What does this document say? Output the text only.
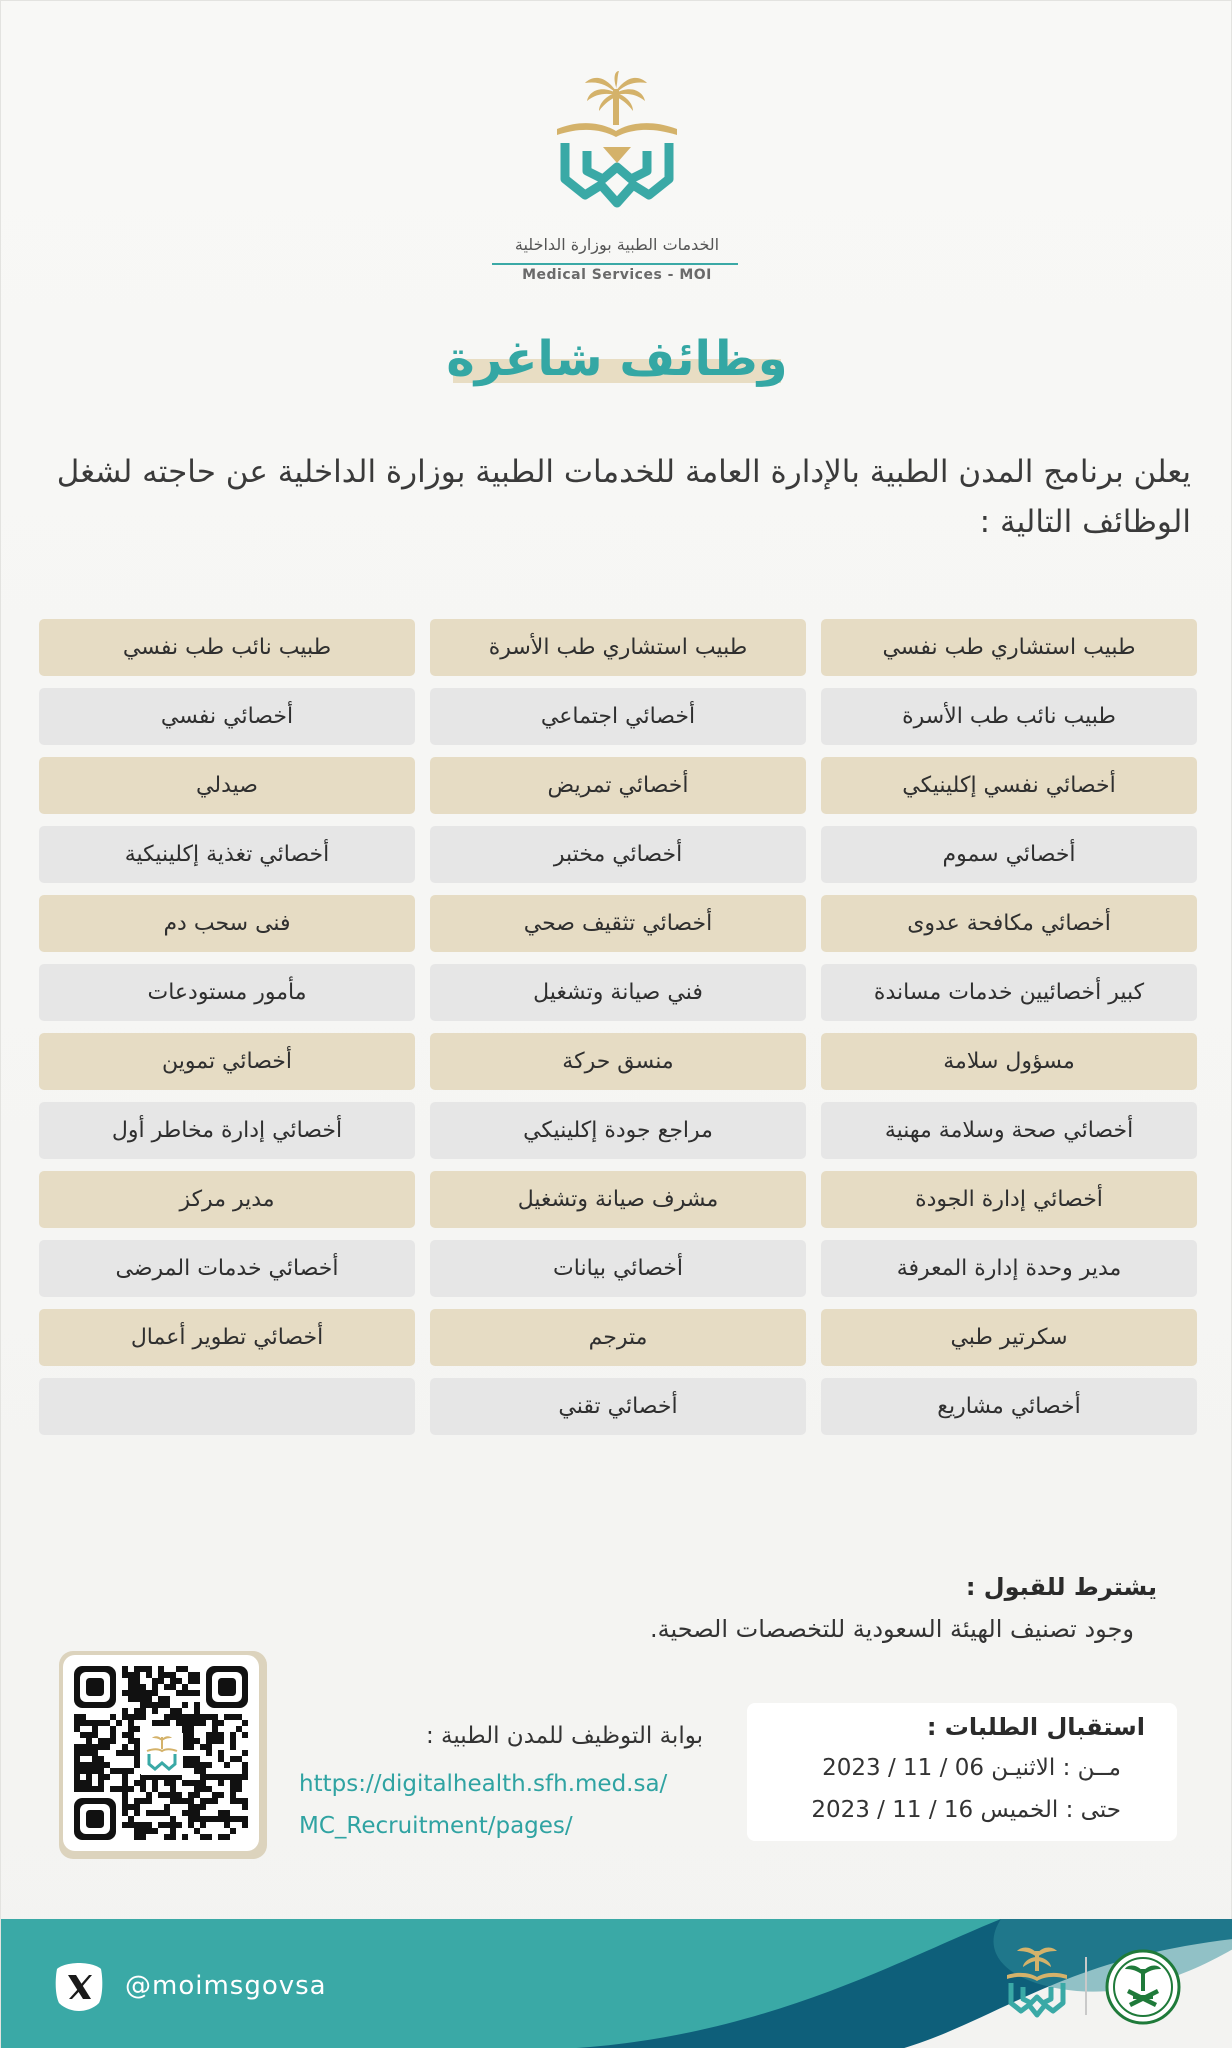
الخدمات الطبية بوزارة الداخلية
Medical Services - MOI
وظائف شاغرة
يعلن برنامج المدن الطبية بالإدارة العامة للخدمات الطبية بوزارة الداخلية عن حاجته لشغل الوظائف التالية :
طبيب استشاري طب نفسي
طبيب استشاري طب الأسرة
طبيب نائب طب نفسي
طبيب نائب طب الأسرة
أخصائي اجتماعي
أخصائي نفسي
أخصائي نفسي إكلينيكي
أخصائي تمريض
صيدلي
أخصائي سموم
أخصائي مختبر
أخصائي تغذية إكلينيكية
أخصائي مكافحة عدوى
أخصائي تثقيف صحي
فنى سحب دم
كبير أخصائيين خدمات مساندة
فني صيانة وتشغيل
مأمور مستودعات
مسؤول سلامة
منسق حركة
أخصائي تموين
أخصائي صحة وسلامة مهنية
مراجع جودة إكلينيكي
أخصائي إدارة مخاطر أول
أخصائي إدارة الجودة
مشرف صيانة وتشغيل
مدير مركز
مدير وحدة إدارة المعرفة
أخصائي بيانات
أخصائي خدمات المرضى
سكرتير طبي
مترجم
أخصائي تطوير أعمال
أخصائي مشاريع
أخصائي تقني
يشترط للقبول :
وجود تصنيف الهيئة السعودية للتخصصات الصحية.
استقبال الطلبات :
مــن : الاثنيـن 06 / 11 / 2023
حتى : الخميس 16 / 11 / 2023
بوابة التوظيف للمدن الطبية :
https://digitalhealth.sfh.med.sa/
MC_Recruitment/pages/
@moimsgovsa
